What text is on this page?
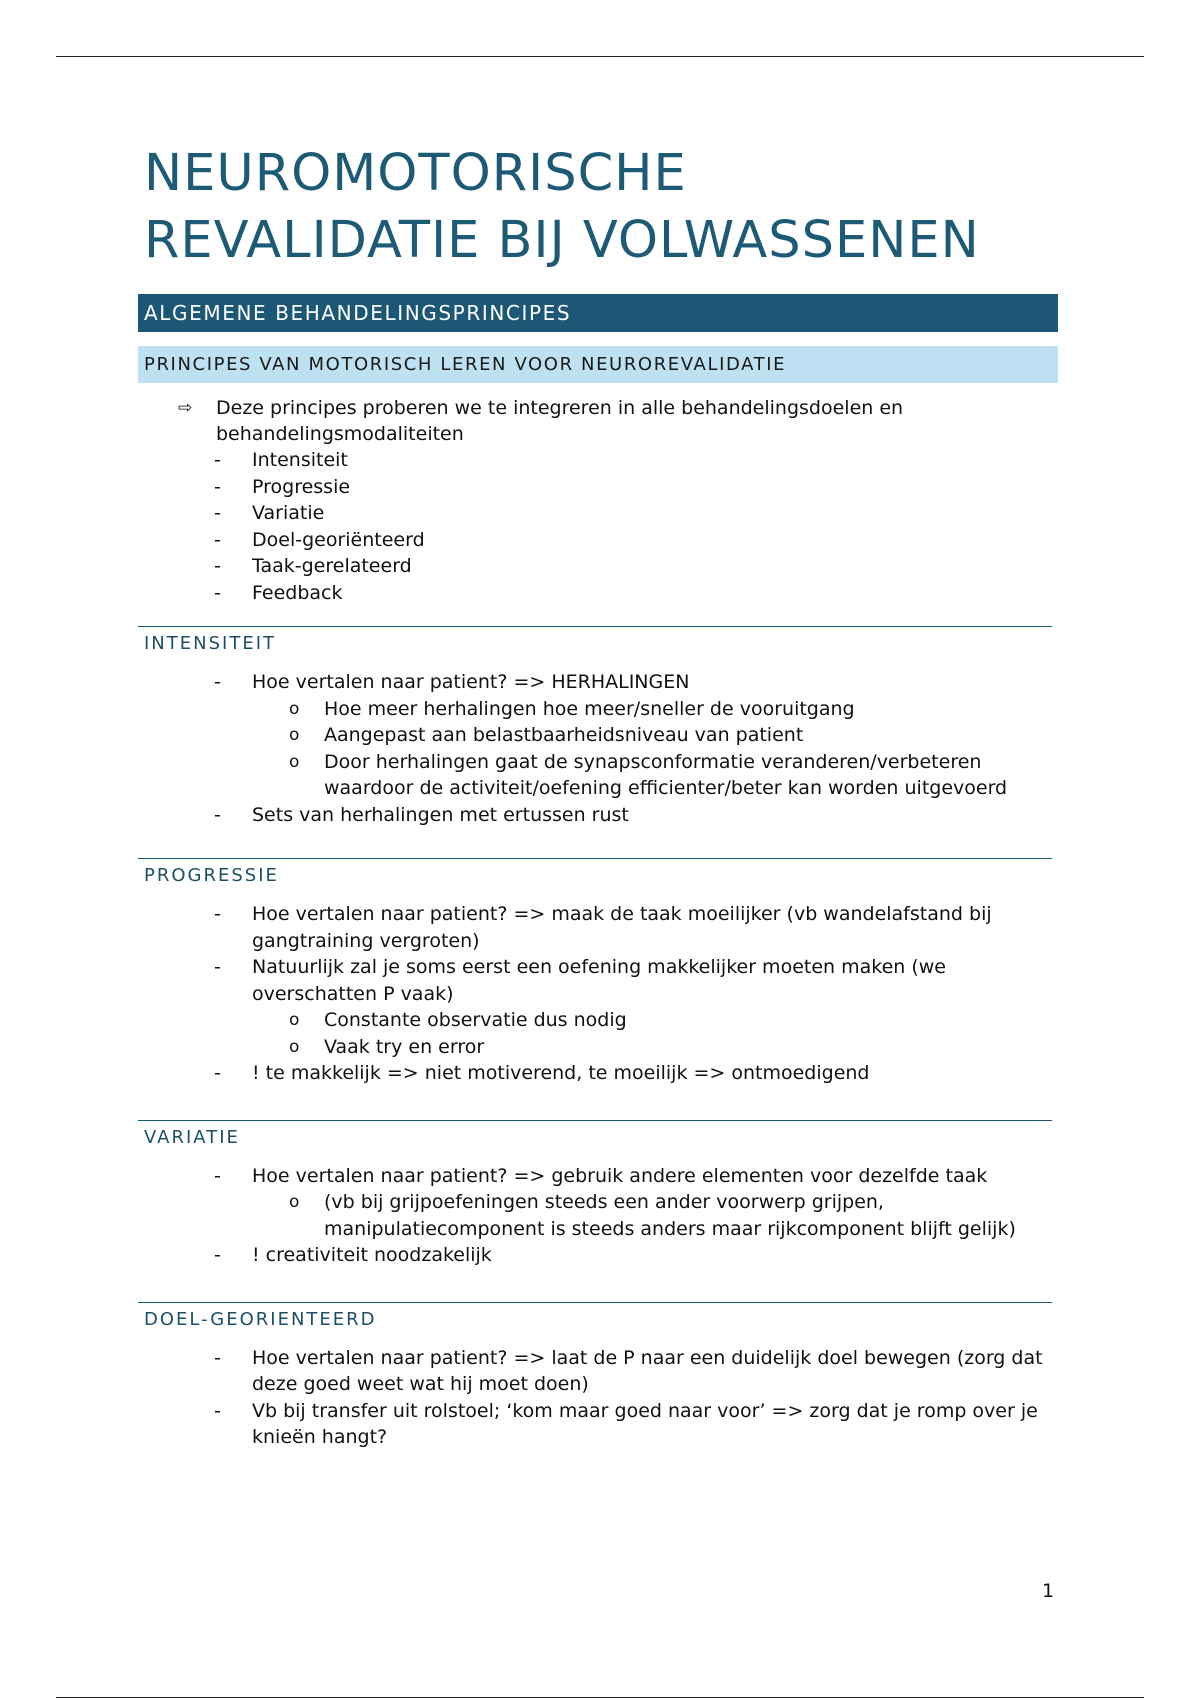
NEUROMOTORISCHE
REVALIDATIE BIJ VOLWASSENEN
ALGEMENE BEHANDELINGSPRINCIPES
PRINCIPES VAN MOTORISCH LEREN VOOR NEUROREVALIDATIE
⇨ Deze principes proberen we te integreren in alle behandelingsdoelen en behandelingsmodaliteiten
- Intensiteit
- Progressie
- Variatie
- Doel-georiënteerd
- Taak-gerelateerd
- Feedback
INTENSITEIT
- Hoe vertalen naar patient? => HERHALINGEN
o Hoe meer herhalingen hoe meer/sneller de vooruitgang
o Aangepast aan belastbaarheidsniveau van patient
o Door herhalingen gaat de synapsconformatie veranderen/verbeteren waardoor de activiteit/oefening efficienter/beter kan worden uitgevoerd
- Sets van herhalingen met ertussen rust
PROGRESSIE
- Hoe vertalen naar patient? => maak de taak moeilijker (vb wandelafstand bij gangtraining vergroten)
- Natuurlijk zal je soms eerst een oefening makkelijker moeten maken (we overschatten P vaak)
o Constante observatie dus nodig
o Vaak try en error
- ! te makkelijk => niet motiverend, te moeilijk => ontmoedigend
VARIATIE
- Hoe vertalen naar patient? => gebruik andere elementen voor dezelfde taak
o (vb bij grijpoefeningen steeds een ander voorwerp grijpen, manipulatiecomponent is steeds anders maar rijkcomponent blijft gelijk)
- ! creativiteit noodzakelijk
DOEL-GEORIENTEERD
- Hoe vertalen naar patient? => laat de P naar een duidelijk doel bewegen (zorg dat deze goed weet wat hij moet doen)
- Vb bij transfer uit rolstoel; ‘kom maar goed naar voor’ => zorg dat je romp over je knieën hangt?
1
